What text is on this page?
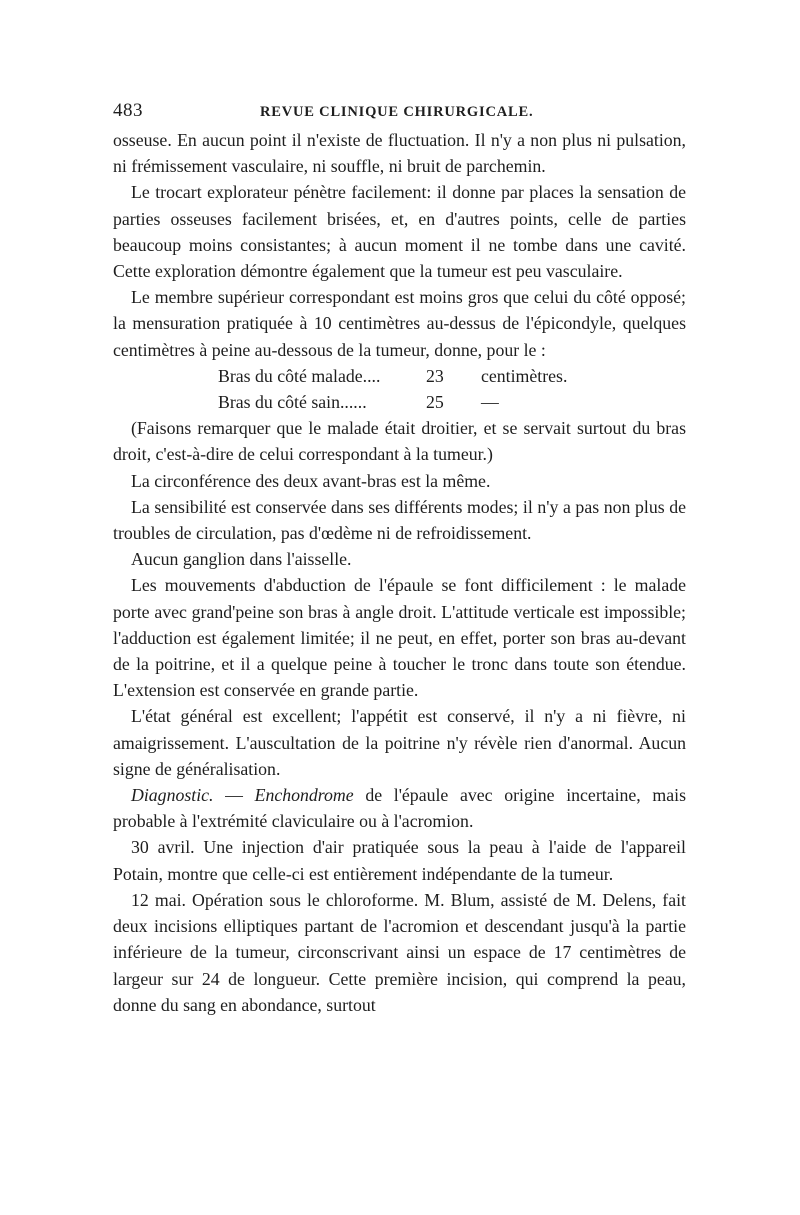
483	REVUE CLINIQUE CHIRURGICALE.

osseuse. En aucun point il n'existe de fluctuation. Il n'y a non plus ni pulsation, ni frémissement vasculaire, ni souffle, ni bruit de parchemin.

Le trocart explorateur pénètre facilement: il donne par places la sensation de parties osseuses facilement brisées, et, en d'autres points, celle de parties beaucoup moins consistantes; à aucun moment il ne tombe dans une cavité. Cette exploration démontre également que la tumeur est peu vasculaire.

Le membre supérieur correspondant est moins gros que celui du côté opposé; la mensuration pratiquée à 10 centimètres au-dessus de l'épicondyle, quelques centimètres à peine au-dessous de la tumeur, donne, pour le :

Bras du côté malade....	23	centimètres.
Bras du côté sain......	25	—

(Faisons remarquer que le malade était droitier, et se servait surtout du bras droit, c'est-à-dire de celui correspondant à la tumeur.)

La circonférence des deux avant-bras est la même.

La sensibilité est conservée dans ses différents modes; il n'y a pas non plus de troubles de circulation, pas d'œdème ni de refroidissement.

Aucun ganglion dans l'aisselle.

Les mouvements d'abduction de l'épaule se font difficilement : le malade porte avec grand'peine son bras à angle droit. L'attitude verticale est impossible; l'adduction est également limitée; il ne peut, en effet, porter son bras au-devant de la poitrine, et il a quelque peine à toucher le tronc dans toute son étendue. L'extension est conservée en grande partie.

L'état général est excellent; l'appétit est conservé, il n'y a ni fièvre, ni amaigrissement. L'auscultation de la poitrine n'y révèle rien d'anormal. Aucun signe de généralisation.

Diagnostic. — Enchondrome de l'épaule avec origine incertaine, mais probable à l'extrémité claviculaire ou à l'acromion.

30 avril. Une injection d'air pratiquée sous la peau à l'aide de l'appareil Potain, montre que celle-ci est entièrement indépendante de la tumeur.

12 mai. Opération sous le chloroforme. M. Blum, assisté de M. Delens, fait deux incisions elliptiques partant de l'acromion et descendant jusqu'à la partie inférieure de la tumeur, circonscrivant ainsi un espace de 17 centimètres de largeur sur 24 de longueur. Cette première incision, qui comprend la peau, donne du sang en abondance, surtout
